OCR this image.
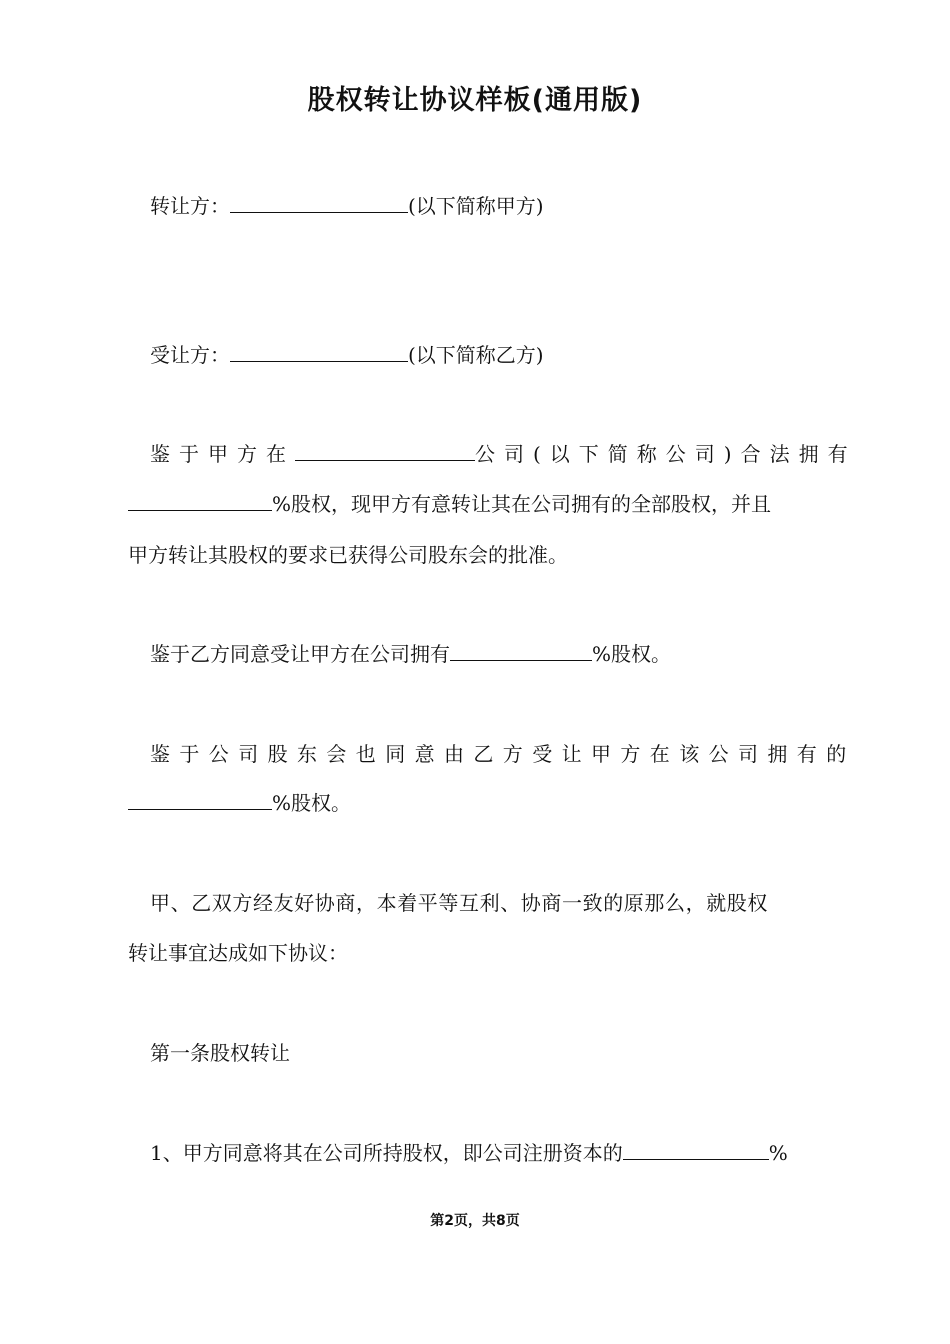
股权转让协议样板(通用版)
转让方：	(以下简称甲方)
受让方：	(以下简称乙方)
鉴于甲方在	公司(以下简称公司)合法拥有
%股权，现甲方有意转让其在公司拥有的全部股权，并且
甲方转让其股权的要求已获得公司股东会的批准。
鉴于乙方同意受让甲方在公司拥有	%股权。
鉴于公司股东会也同意由乙方受让甲方在该公司拥有的
%股权。
甲、乙双方经友好协商，本着平等互利、协商一致的原那么，就股权
转让事宜达成如下协议：
第一条股权转让
1、甲方同意将其在公司所持股权，即公司注册资本的	%
第2页，共8页
